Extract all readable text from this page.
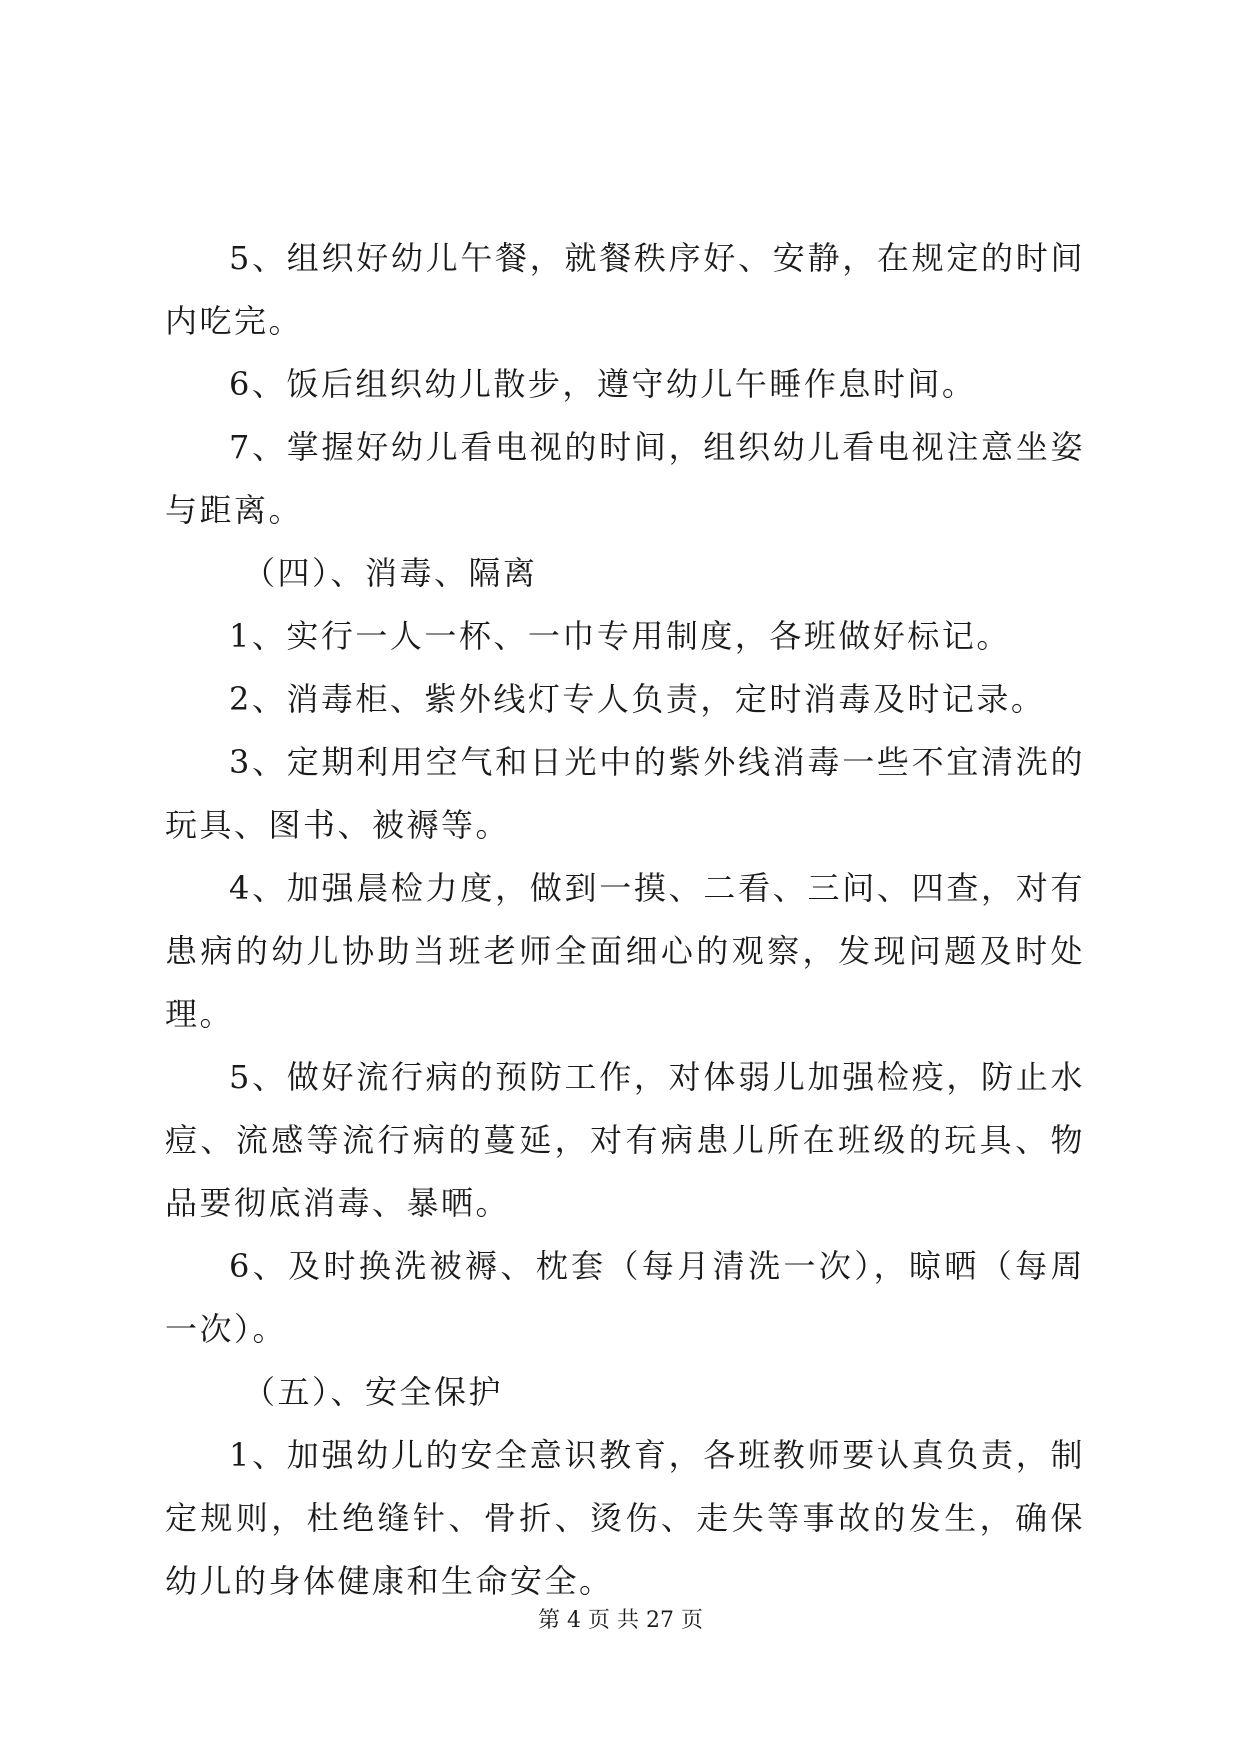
5、组织好幼儿午餐，就餐秩序好、安静，在规定的时间内吃完。

6、饭后组织幼儿散步，遵守幼儿午睡作息时间。

7、掌握好幼儿看电视的时间，组织幼儿看电视注意坐姿与距离。

（四）、消毒、隔离

1、实行一人一杯、一巾专用制度，各班做好标记。

2、消毒柜、紫外线灯专人负责，定时消毒及时记录。

3、定期利用空气和日光中的紫外线消毒一些不宜清洗的玩具、图书、被褥等。

4、加强晨检力度，做到一摸、二看、三问、四查，对有患病的幼儿协助当班老师全面细心的观察，发现问题及时处理。

5、做好流行病的预防工作，对体弱儿加强检疫，防止水痘、流感等流行病的蔓延，对有病患儿所在班级的玩具、物品要彻底消毒、暴晒。

6、及时换洗被褥、枕套（每月清洗一次），晾晒（每周一次）。

（五）、安全保护

1、加强幼儿的安全意识教育，各班教师要认真负责，制定规则，杜绝缝针、骨折、烫伤、走失等事故的发生，确保幼儿的身体健康和生命安全。

第 4 页 共 27 页
